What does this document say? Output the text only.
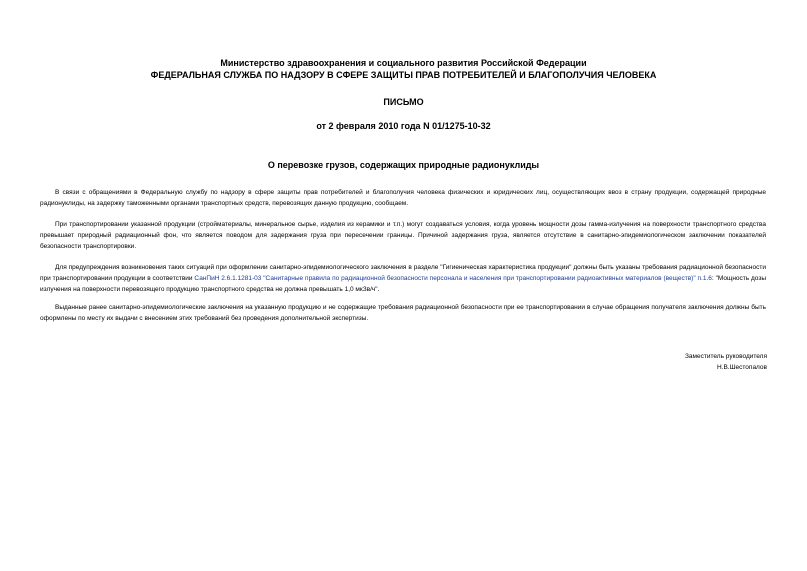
Министерство здравоохранения и социального развития Российской Федерации
ФЕДЕРАЛЬНАЯ СЛУЖБА ПО НАДЗОРУ В СФЕРЕ ЗАЩИТЫ ПРАВ ПОТРЕБИТЕЛЕЙ И БЛАГОПОЛУЧИЯ ЧЕЛОВЕКА
ПИСЬМО
от 2 февраля 2010 года N 01/1275-10-32
О перевозке грузов, содержащих природные радионуклиды
В связи с обращениями в Федеральную службу по надзору в сфере защиты прав потребителей и благополучия человека физических и юридических лиц, осуществляющих ввоз в страну продукции, содержащей природные радионуклиды, на задержку таможенными органами транспортных средств, перевозящих данную продукцию, сообщаем.
При транспортировании указанной продукции (стройматериалы, минеральное сырье, изделия из керамики и т.п.) могут создаваться условия, когда уровень мощности дозы гамма-излучения на поверхности транспортного средства превышает природный радиационный фон, что является поводом для задержания груза при пересечении границы. Причиной задержания груза, является отсутствие в санитарно-эпидемиологическом заключении показателей безопасности транспортировки.
Для предупреждения возникновения таких ситуаций при оформлении санитарно-эпидемиологического заключения в разделе "Гигиеническая характеристика продукции" должны быть указаны требования радиационной безопасности при транспортировании продукции в соответствии СанПиН 2.6.1.1281-03 "Санитарные правила по радиационной безопасности персонала и населения при транспортировании радиоактивных материалов (веществ)" п.1.6: "Мощность дозы излучения на поверхности перевозящего продукцию транспортного средства не должна превышать 1,0 мкЗв/ч".
Выданные ранее санитарно-эпидемиологические заключения на указанную продукцию и не содержащие требования радиационной безопасности при ее транспортировании в случае обращения получателя заключения должны быть оформлены по месту их выдачи с внесением этих требований без проведения дополнительной экспертизы.
Заместитель руководителя
Н.В.Шестопалов
